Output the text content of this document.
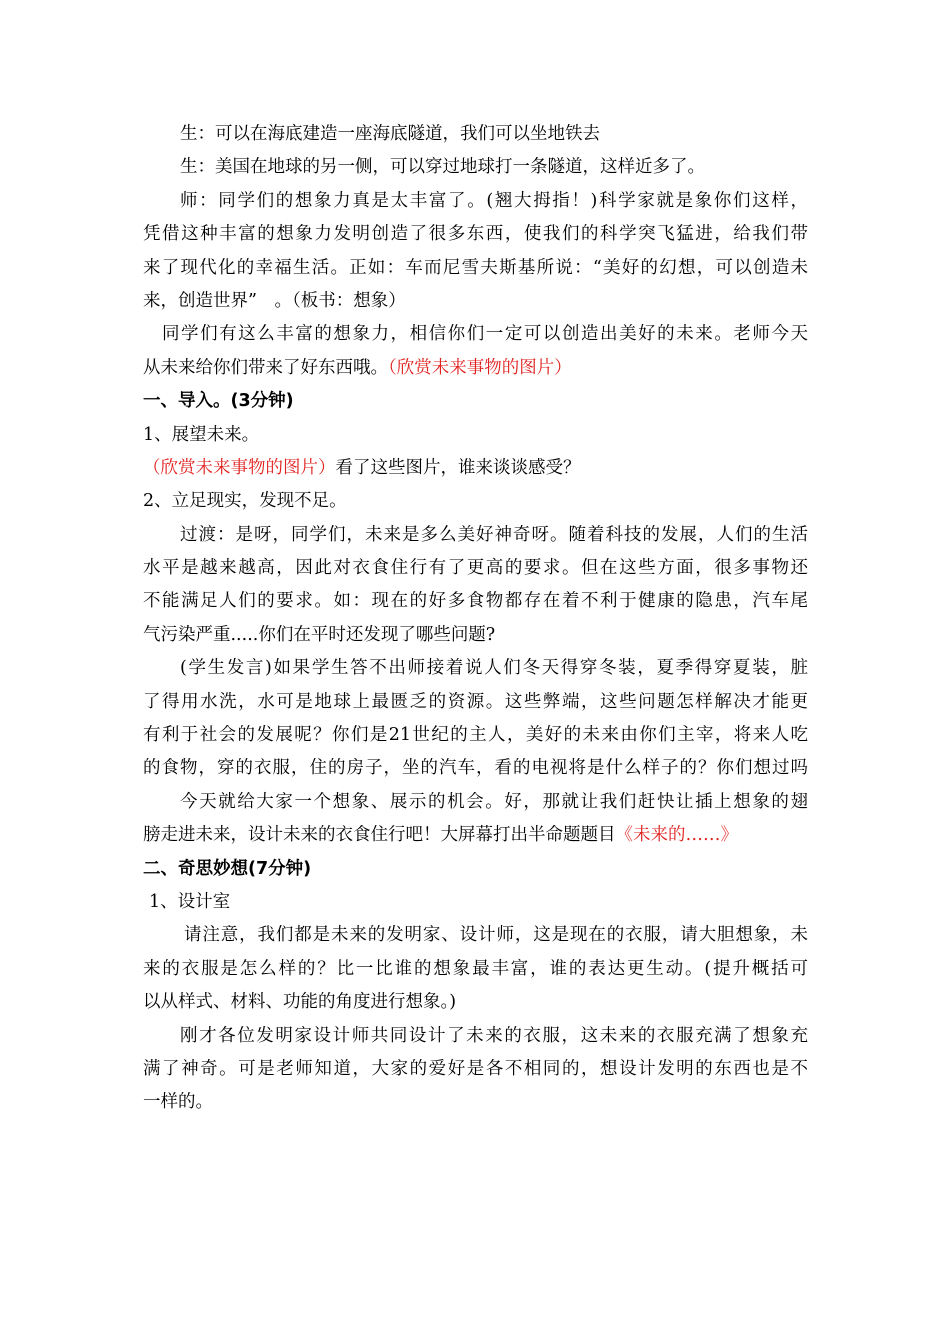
生：可以在海底建造一座海底隧道，我们可以坐地铁去
生：美国在地球的另一侧，可以穿过地球打一条隧道，这样近多了。
师：同学们的想象力真是太丰富了。(翘大拇指！)科学家就是象你们这样，
凭借这种丰富的想象力发明创造了很多东西，使我们的科学突飞猛进，给我们带
来了现代化的幸福生活。正如：车而尼雪夫斯基所说：“美好的幻想，可以创造未
来，创造世界”　。（板书：想象）
同学们有这么丰富的想象力，相信你们一定可以创造出美好的未来。老师今天
从未来给你们带来了好东西哦。（欣赏未来事物的图片）
一、导入。(3分钟)
1、展望未来。
（欣赏未来事物的图片）看了这些图片，谁来谈谈感受？
2、立足现实，发现不足。
过渡：是呀，同学们，未来是多么美好神奇呀。随着科技的发展，人们的生活
水平是越来越高，因此对衣食住行有了更高的要求。但在这些方面，很多事物还
不能满足人们的要求。如：现在的好多食物都存在着不利于健康的隐患，汽车尾
气污染严重.....你们在平时还发现了哪些问题?
(学生发言)如果学生答不出师接着说人们冬天得穿冬装，夏季得穿夏装，脏
了得用水洗，水可是地球上最匮乏的资源。这些弊端，这些问题怎样解决才能更
有利于社会的发展呢？你们是21世纪的主人，美好的未来由你们主宰，将来人吃
的食物，穿的衣服，住的房子，坐的汽车，看的电视将是什么样子的？你们想过吗
今天就给大家一个想象、展示的机会。好，那就让我们赶快让插上想象的翅
膀走进未来，设计未来的衣食住行吧！大屏幕打出半命题题目《未来的……》
二、奇思妙想(7分钟)
1、设计室
请注意，我们都是未来的发明家、设计师，这是现在的衣服，请大胆想象，未
来的衣服是怎么样的？比一比谁的想象最丰富，谁的表达更生动。(提升概括可
以从样式、材料、功能的角度进行想象。)
刚才各位发明家设计师共同设计了未来的衣服，这未来的衣服充满了想象充
满了神奇。可是老师知道，大家的爱好是各不相同的，想设计发明的东西也是不
一样的。
